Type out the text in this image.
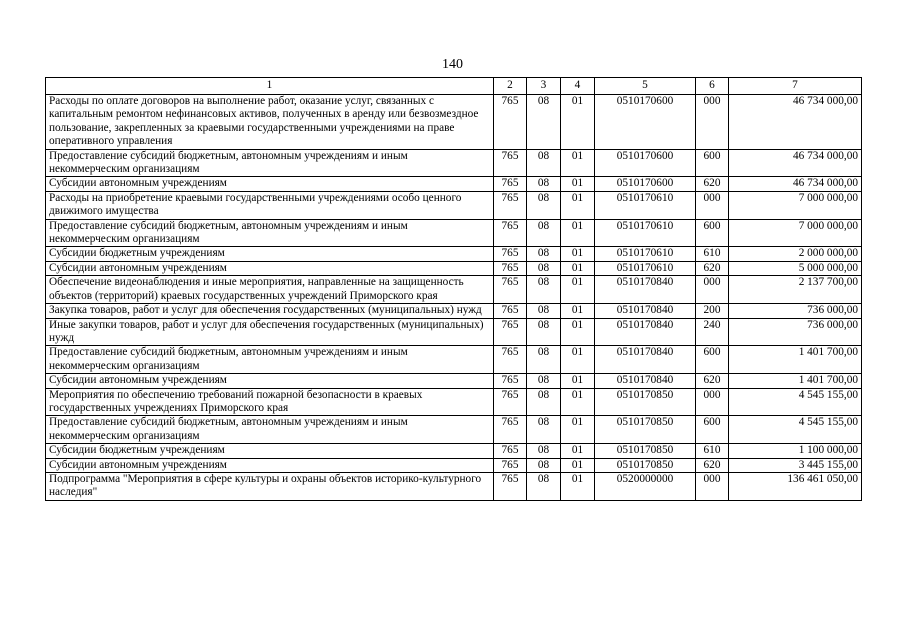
140
1	2	3	4	5	6	7
Расходы по оплате договоров на выполнение работ, оказание услуг, связанных с капитальным ремонтом нефинансовых активов, полученных в аренду или безвозмездное пользование, закрепленных за краевыми государственными учреждениями на праве оперативного управления	765	08	01	0510170600	000	46 734 000,00
Предоставление субсидий бюджетным, автономным учреждениям и иным некоммерческим организациям	765	08	01	0510170600	600	46 734 000,00
Субсидии автономным учреждениям	765	08	01	0510170600	620	46 734 000,00
Расходы на приобретение краевыми государственными учреждениями особо ценного движимого имущества	765	08	01	0510170610	000	7 000 000,00
Предоставление субсидий бюджетным, автономным учреждениям и иным некоммерческим организациям	765	08	01	0510170610	600	7 000 000,00
Субсидии бюджетным учреждениям	765	08	01	0510170610	610	2 000 000,00
Субсидии автономным учреждениям	765	08	01	0510170610	620	5 000 000,00
Обеспечение видеонаблюдения и иные мероприятия, направленные на защищенность объектов (территорий) краевых государственных учреждений Приморского края	765	08	01	0510170840	000	2 137 700,00
Закупка товаров, работ и услуг для обеспечения государственных (муниципальных) нужд	765	08	01	0510170840	200	736 000,00
Иные закупки товаров, работ и услуг для обеспечения государственных (муниципальных) нужд	765	08	01	0510170840	240	736 000,00
Предоставление субсидий бюджетным, автономным учреждениям и иным некоммерческим организациям	765	08	01	0510170840	600	1 401 700,00
Субсидии автономным учреждениям	765	08	01	0510170840	620	1 401 700,00
Мероприятия по обеспечению требований пожарной безопасности в краевых государственных учреждениях Приморского края	765	08	01	0510170850	000	4 545 155,00
Предоставление субсидий бюджетным, автономным учреждениям и иным некоммерческим организациям	765	08	01	0510170850	600	4 545 155,00
Субсидии бюджетным учреждениям	765	08	01	0510170850	610	1 100 000,00
Субсидии автономным учреждениям	765	08	01	0510170850	620	3 445 155,00
Подпрограмма "Мероприятия в сфере культуры и охраны объектов историко-культурного наследия"	765	08	01	0520000000	000	136 461 050,00
